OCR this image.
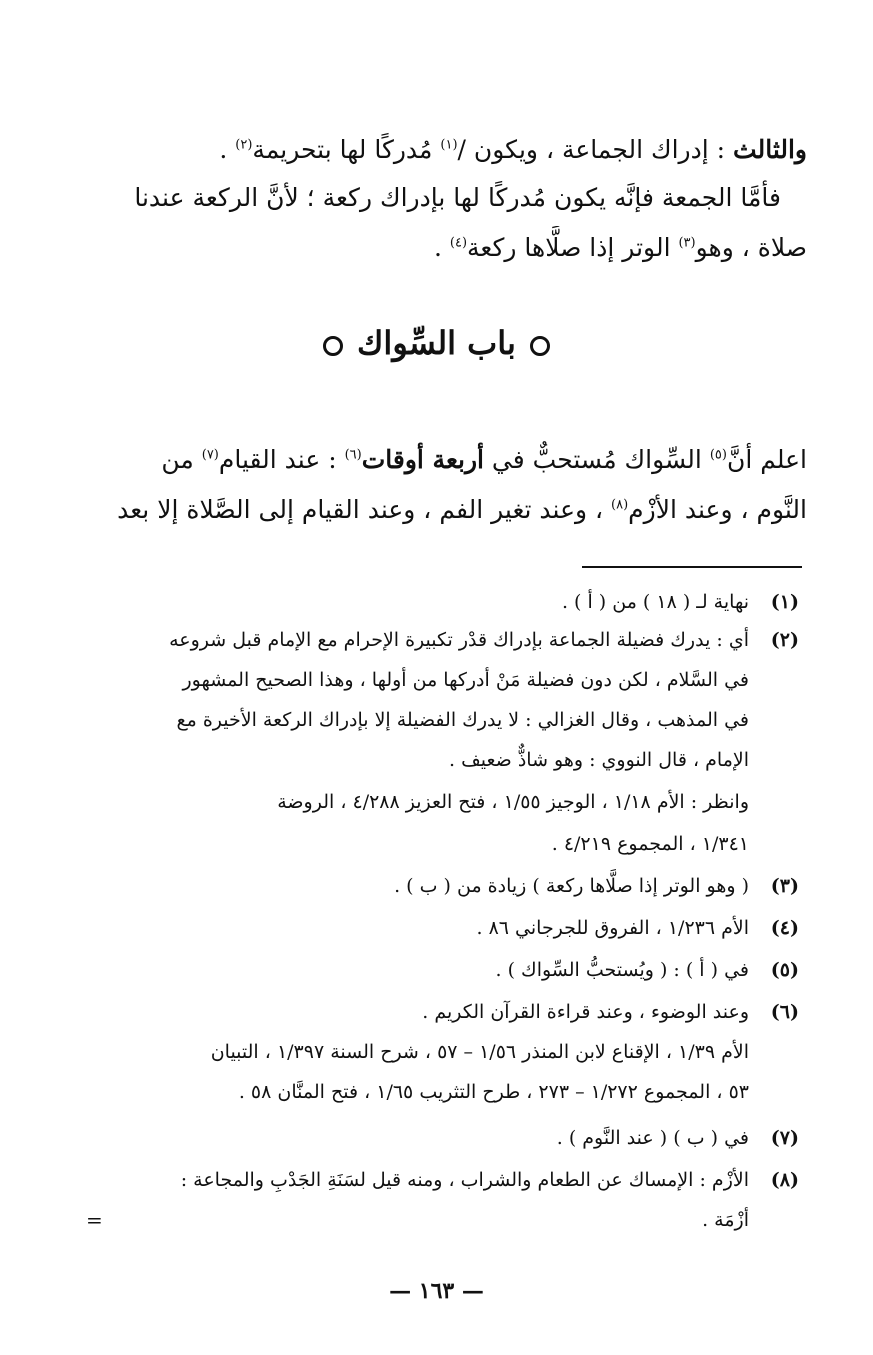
والثالث : إدراك الجماعة ، ويكون /$^{(١)}$ مُدركًا لها بتحريمة$^{(٢)}$ .
فأمَّا الجمعة فإنَّه يكون مُدركًا لها بإدراك ركعة ؛ لأنَّ الركعة عندنا
صلاة ، وهو$^{(٣)}$ الوتر إذا صلَّاها ركعة$^{(٤)}$ .
باب السِّواك
اعلم أنَّ$^{(٥)}$ السِّواك مُستحبٌّ في أربعة أوقات$^{(٦)}$ : عند القيام$^{(٧)}$ من
النَّوم ، وعند الأزْم$^{(٨)}$ ، وعند تغير الفم ، وعند القيام إلى الصَّلاة إلا بعد
(١)نهاية لـ ( ١٨ ) من ( أ ) .
(٢)أي : يدرك فضيلة الجماعة بإدراك قدْر تكبيرة الإحرام مع الإمام قبل شروعه
في السَّلام ، لكن دون فضيلة مَنْ أدركها من أولها ، وهذا الصحيح المشهور
في المذهب ، وقال الغزالي : لا يدرك الفضيلة إلا بإدراك الركعة الأخيرة مع
الإمام ، قال النووي : وهو شاذٌّ ضعيف .
وانظر : الأم ١/١٨ ، الوجيز ١/٥٥ ، فتح العزيز ٤/٢٨٨ ، الروضة
١/٣٤١ ، المجموع ٤/٢١٩ .
(٣)( وهو الوتر إذا صلَّاها ركعة ) زيادة من ( ب ) .
(٤)الأم ١/٢٣٦ ، الفروق للجرجاني ٨٦ .
(٥)في ( أ ) : ( ويُستحبُّ السِّواك ) .
(٦)وعند الوضوء ، وعند قراءة القرآن الكريم .
الأم ١/٣٩ ، الإقناع لابن المنذر ١/٥٦ – ٥٧ ، شرح السنة ١/٣٩٧ ، التبيان
٥٣ ، المجموع ١/٢٧٢ – ٢٧٣ ، طرح التثريب ١/٦٥ ، فتح المنَّان ٥٨ .
(٧)في ( ب ) ( عند النَّوم ) .
(٨)الأزْم : الإمساك عن الطعام والشراب ، ومنه قيل لسَنَةِ الجَدْبِ والمجاعة :
أزْمَة .
=
— ١٦٣ —
